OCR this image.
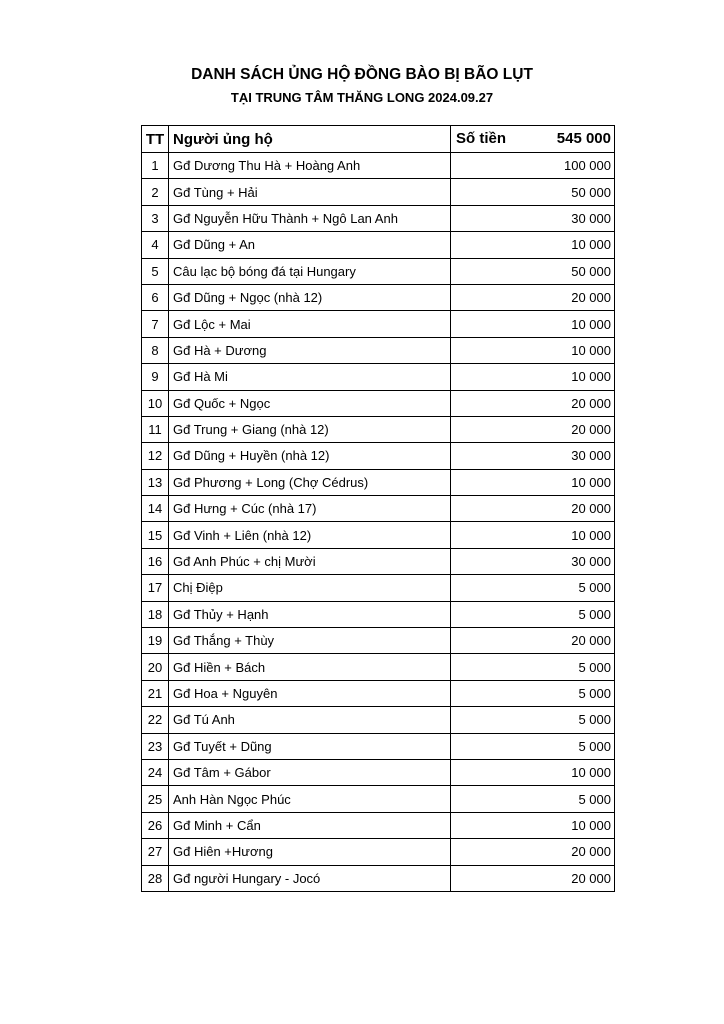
DANH SÁCH ỦNG HỘ ĐỒNG BÀO BỊ BÃO LỤT
TẠI TRUNG TÂM THĂNG LONG 2024.09.27
TT	Người ủng hộ	Số tiền 545 000

1	Gđ Dương Thu Hà + Hoàng Anh	100 000
2	Gđ Tùng + Hải	50 000
3	Gđ Nguyễn Hữu Thành + Ngô Lan Anh	30 000
4	Gđ Dũng + An	10 000
5	Câu lạc bộ bóng đá tại Hungary	50 000
6	Gđ Dũng + Ngọc (nhà 12)	20 000
7	Gđ Lộc + Mai	10 000
8	Gđ Hà + Dương	10 000
9	Gđ Hà Mi	10 000
10	Gđ Quốc + Ngọc	20 000
11	Gđ Trung + Giang (nhà 12)	20 000
12	Gđ Dũng + Huyền (nhà 12)	30 000
13	Gđ Phương + Long (Chợ Cédrus)	10 000
14	Gđ Hưng + Cúc (nhà 17)	20 000
15	Gđ Vinh + Liên (nhà 12)	10 000
16	Gđ Anh Phúc + chị Mười	30 000
17	Chị Điệp	5 000
18	Gđ Thủy + Hạnh	5 000
19	Gđ Thắng + Thùy	20 000
20	Gđ Hiền + Bách	5 000
21	Gđ Hoa + Nguyên	5 000
22	Gđ Tú Anh	5 000
23	Gđ Tuyết + Dũng	5 000
24	Gđ Tâm + Gábor	10 000
25	Anh Hàn Ngọc Phúc	5 000
26	Gđ Minh + Cẩn	10 000
27	Gđ Hiên +Hương	20 000
28	Gđ người Hungary - Jocó	20 000
